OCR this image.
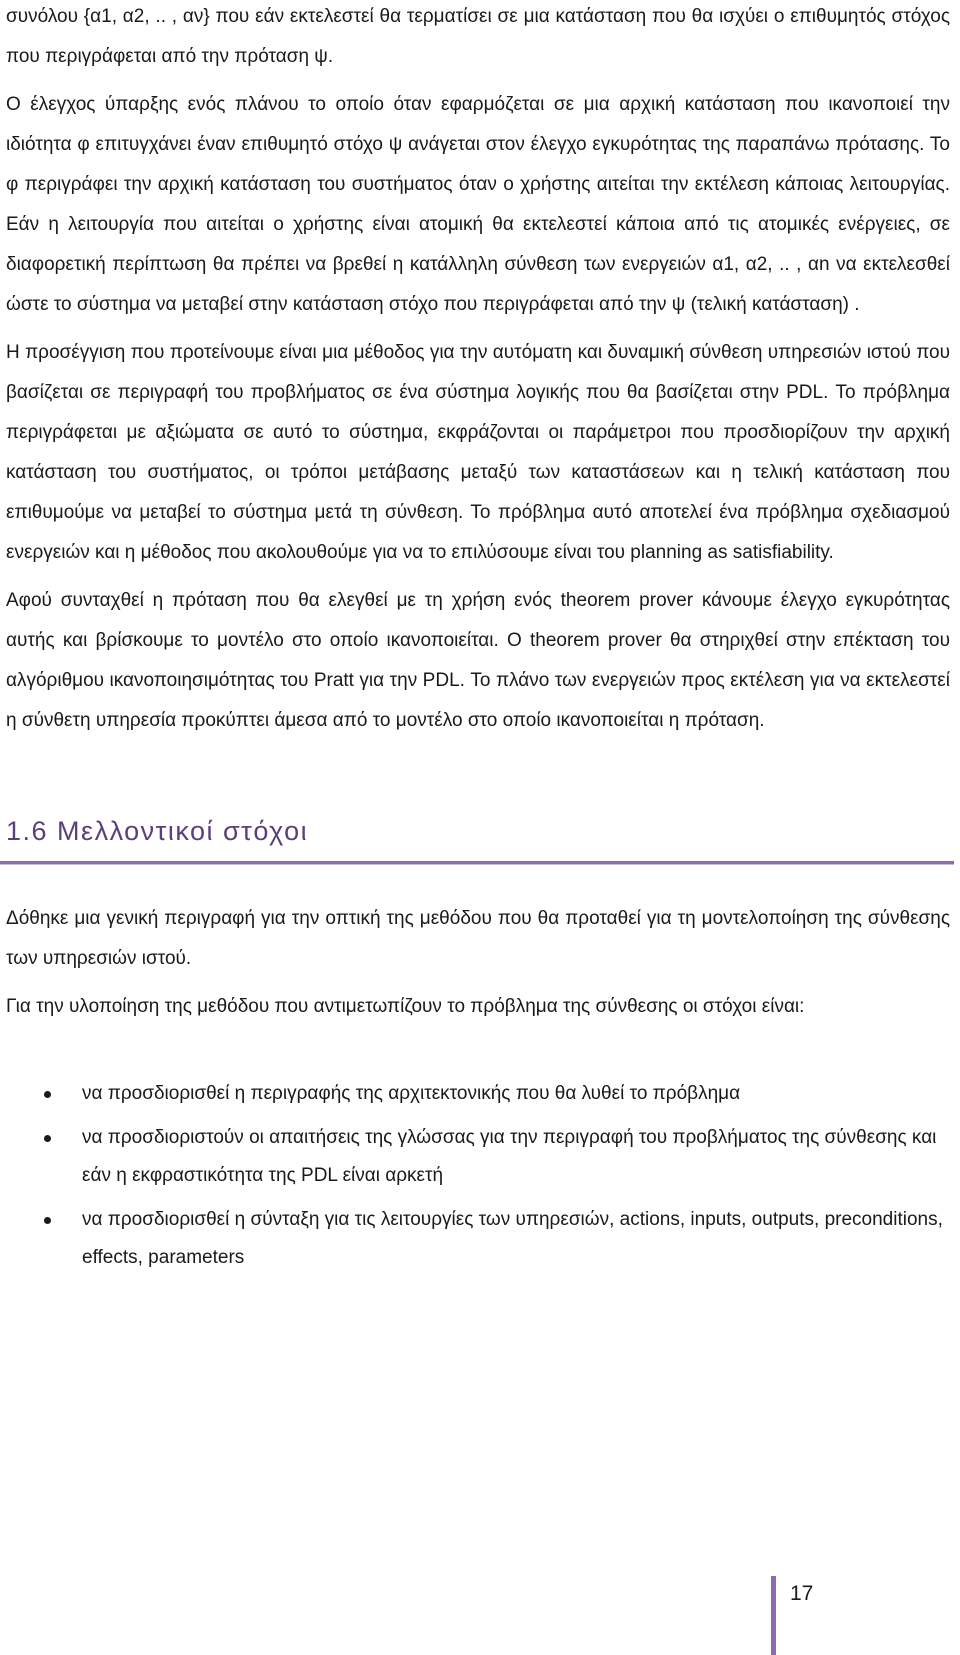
συνόλου {α1, α2, .. , αν} που εάν εκτελεστεί θα τερματίσει σε μια κατάσταση που θα ισχύει ο επιθυμητός στόχος που περιγράφεται από την πρόταση ψ.

Ο έλεγχος ύπαρξης ενός πλάνου το οποίο όταν εφαρμόζεται σε μια αρχική κατάσταση που ικανοποιεί την ιδιότητα φ επιτυγχάνει έναν επιθυμητό στόχο ψ ανάγεται στον έλεγχο εγκυρότητας της παραπάνω πρότασης. Το φ περιγράφει την αρχική κατάσταση του συστήματος όταν ο χρήστης αιτείται την εκτέλεση κάποιας λειτουργίας. Εάν η λειτουργία που αιτείται ο χρήστης είναι ατομική θα εκτελεστεί κάποια από τις ατομικές ενέργειες, σε διαφορετική περίπτωση θα πρέπει να βρεθεί η κατάλληλη σύνθεση των ενεργειών α1, α2, .. , αn να εκτελεσθεί ώστε το σύστημα να μεταβεί στην κατάσταση στόχο που περιγράφεται από την ψ (τελική κατάσταση) .

Η προσέγγιση που προτείνουμε είναι μια μέθοδος για την αυτόματη και δυναμική σύνθεση υπηρεσιών ιστού που βασίζεται σε περιγραφή του προβλήματος σε ένα σύστημα λογικής που θα βασίζεται στην PDL. Το πρόβλημα περιγράφεται με αξιώματα σε αυτό το σύστημα, εκφράζονται οι παράμετροι που προσδιορίζουν την αρχική κατάσταση του συστήματος, οι τρόποι μετάβασης μεταξύ των καταστάσεων και η τελική κατάσταση που επιθυμούμε να μεταβεί το σύστημα μετά τη σύνθεση. Το πρόβλημα αυτό αποτελεί ένα πρόβλημα σχεδιασμού ενεργειών και η μέθοδος που ακολουθούμε για να το επιλύσουμε είναι του planning as satisfiability.

Αφού συνταχθεί η πρόταση που θα ελεγθεί με τη χρήση ενός theorem prover κάνουμε έλεγχο εγκυρότητας αυτής και βρίσκουμε το μοντέλο στο οποίο ικανοποιείται. Ο theorem prover θα στηριχθεί στην επέκταση του αλγόριθμου ικανοποιησιμότητας του Pratt για την PDL. Το πλάνο των ενεργειών προς εκτέλεση για να εκτελεστεί η σύνθετη υπηρεσία προκύπτει άμεσα από το μοντέλο στο οποίο ικανοποιείται η πρόταση.

1.6 Μελλοντικοί στόχοι

Δόθηκε μια γενική περιγραφή για την οπτική της μεθόδου που θα προταθεί για τη μοντελοποίηση της σύνθεσης των υπηρεσιών ιστού.

Για την υλοποίηση της μεθόδου που αντιμετωπίζουν το πρόβλημα της σύνθεσης οι στόχοι είναι:

να προσδιορισθεί η περιγραφής της αρχιτεκτονικής που θα λυθεί το πρόβλημα
να προσδιοριστούν οι απαιτήσεις της γλώσσας για την περιγραφή του προβλήματος της σύνθεσης και εάν η εκφραστικότητα της PDL είναι αρκετή
να προσδιορισθεί η σύνταξη για τις λειτουργίες των υπηρεσιών, actions, inputs, outputs, preconditions, effects, parameters
17
